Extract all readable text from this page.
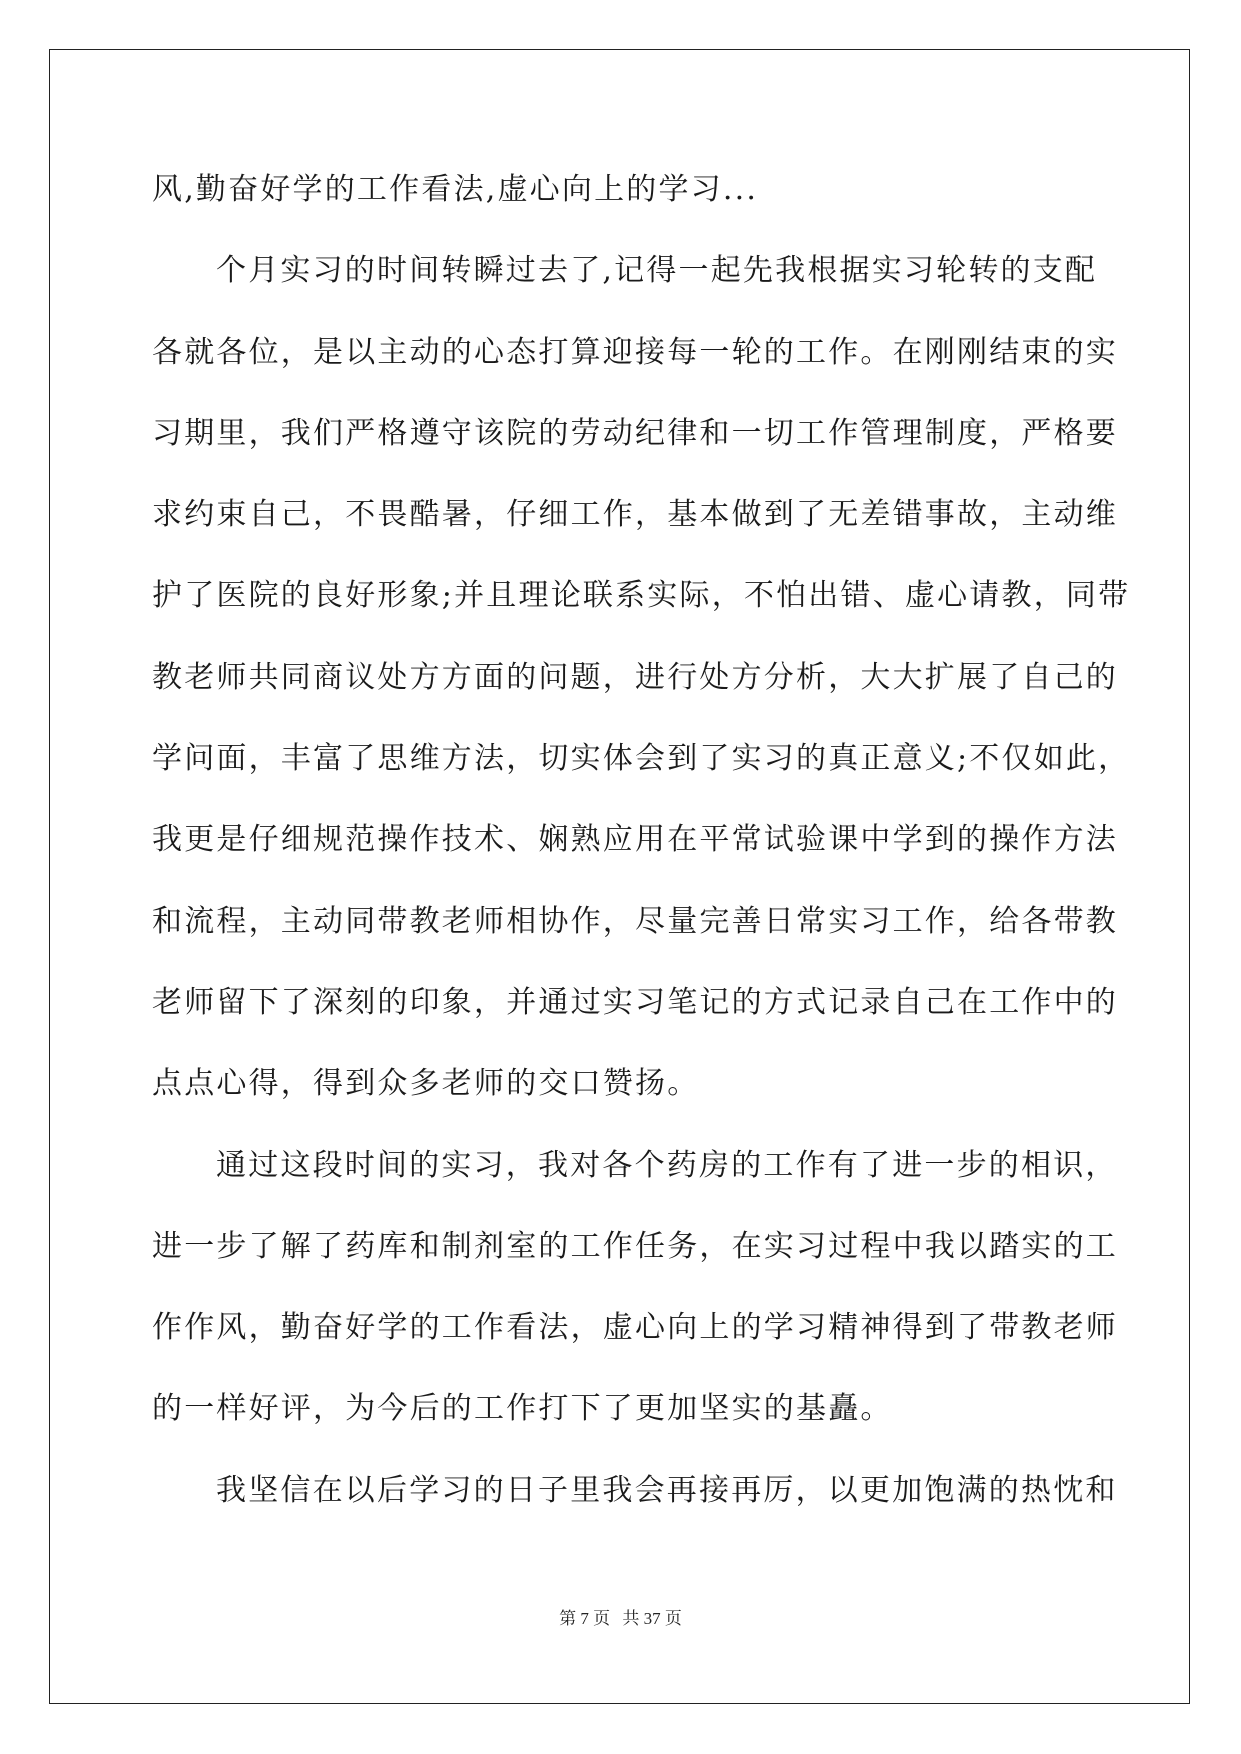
风,勤奋好学的工作看法,虚心向上的学习...
个月实习的时间转瞬过去了,记得一起先我根据实习轮转的支配
各就各位，是以主动的心态打算迎接每一轮的工作。在刚刚结束的实
习期里，我们严格遵守该院的劳动纪律和一切工作管理制度，严格要
求约束自己，不畏酷暑，仔细工作，基本做到了无差错事故，主动维
护了医院的良好形象;并且理论联系实际，不怕出错、虚心请教，同带
教老师共同商议处方方面的问题，进行处方分析，大大扩展了自己的
学问面，丰富了思维方法，切实体会到了实习的真正意义;不仅如此，
我更是仔细规范操作技术、娴熟应用在平常试验课中学到的操作方法
和流程，主动同带教老师相协作，尽量完善日常实习工作，给各带教
老师留下了深刻的印象，并通过实习笔记的方式记录自己在工作中的
点点心得，得到众多老师的交口赞扬。
通过这段时间的实习，我对各个药房的工作有了进一步的相识，
进一步了解了药库和制剂室的工作任务，在实习过程中我以踏实的工
作作风，勤奋好学的工作看法，虚心向上的学习精神得到了带教老师
的一样好评，为今后的工作打下了更加坚实的基矗。
我坚信在以后学习的日子里我会再接再厉，以更加饱满的热忱和
第 7 页 共 37 页
